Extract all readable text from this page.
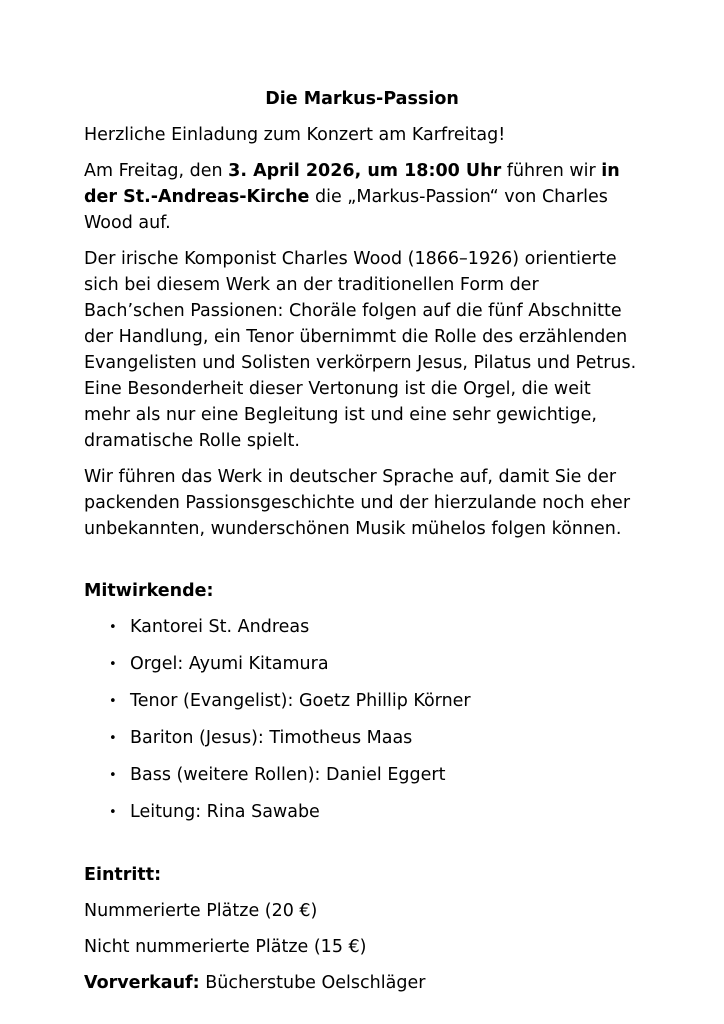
Die Markus-Passion

Herzliche Einladung zum Konzert am Karfreitag!

Am Freitag, den 3. April 2026, um 18:00 Uhr führen wir in der St.-Andreas-Kirche die „Markus-Passion“ von Charles Wood auf.

Der irische Komponist Charles Wood (1866–1926) orientierte sich bei diesem Werk an der traditionellen Form der Bach’schen Passionen: Choräle folgen auf die fünf Abschnitte der Handlung, ein Tenor übernimmt die Rolle des erzählenden Evangelisten und Solisten verkörpern Jesus, Pilatus und Petrus. Eine Besonderheit dieser Vertonung ist die Orgel, die weit mehr als nur eine Begleitung ist und eine sehr gewichtige, dramatische Rolle spielt.

Wir führen das Werk in deutscher Sprache auf, damit Sie der packenden Passionsgeschichte und der hierzulande noch eher unbekannten, wunderschönen Musik mühelos folgen können.

Mitwirkende:

• Kantorei St. Andreas
• Orgel: Ayumi Kitamura
• Tenor (Evangelist): Goetz Phillip Körner
• Bariton (Jesus): Timotheus Maas
• Bass (weitere Rollen): Daniel Eggert
• Leitung: Rina Sawabe

Eintritt:

Nummerierte Plätze (20 €)

Nicht nummerierte Plätze (15 €)

Vorverkauf: Bücherstube Oelschläger
